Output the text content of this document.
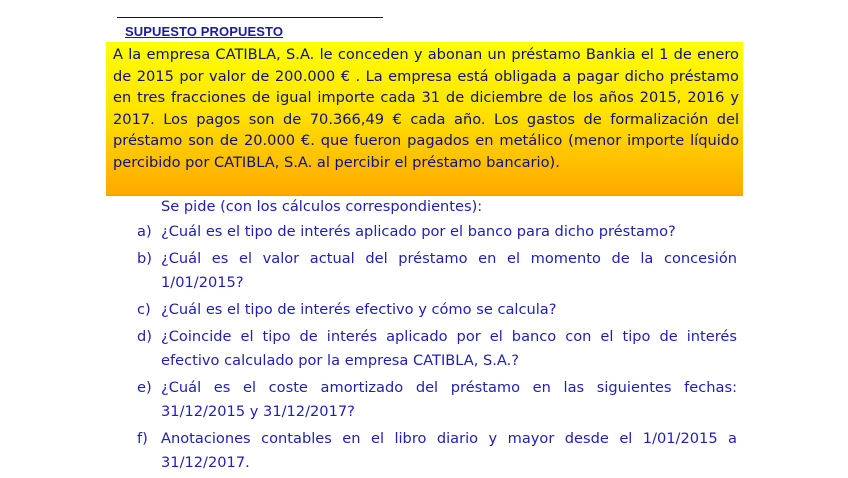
SUPUESTO PROPUESTO
A la empresa CATIBLA, S.A. le conceden y abonan un préstamo Bankia el 1 de enero de 2015 por valor de 200.000 € . La empresa está obligada a pagar dicho préstamo en tres fracciones de igual importe cada 31 de diciembre de los años 2015, 2016 y 2017. Los pagos son de 70.366,49 € cada año. Los gastos de formalización del préstamo son de 20.000 €. que fueron pagados en metálico (menor importe líquido percibido por CATIBLA, S.A. al percibir el préstamo bancario).
Se pide (con los cálculos correspondientes):
a) ¿Cuál es el tipo de interés aplicado por el banco para dicho préstamo?
b) ¿Cuál es el valor actual del préstamo en el momento de la concesión 1/01/2015?
c) ¿Cuál es el tipo de interés efectivo y cómo se calcula?
d) ¿Coincide el tipo de interés aplicado por el banco con el tipo de interés efectivo calculado por la empresa CATIBLA, S.A.?
e) ¿Cuál es el coste amortizado del préstamo en las siguientes fechas: 31/12/2015 y 31/12/2017?
f) Anotaciones contables en el libro diario y mayor desde el 1/01/2015 a 31/12/2017.
